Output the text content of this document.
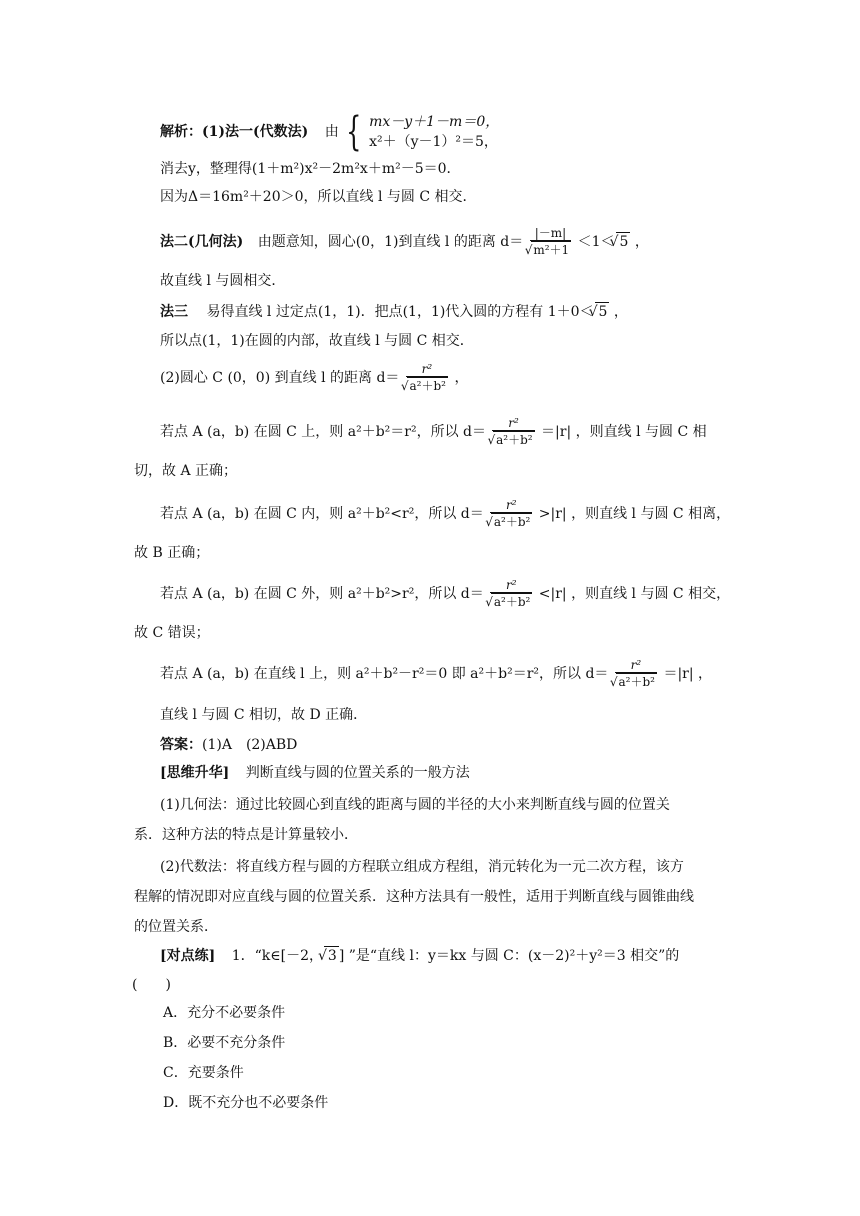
解析：(1)法一(代数法) 由 { mx－y＋1－m＝0，
x²＋（y－1）²＝5，
消去y，整理得(1＋m²)x²－2m²x＋m²－5＝0．
因为Δ＝16m²＋20＞0，所以直线 l 与圆 C 相交．
法二(几何法) 由题意知，圆心(0，1)到直线 l 的距离 d＝ |－m|
√ m²＋1 ＜1＜ √ 5 ，
故直线 l 与圆相交．
法三 易得直线 l 过定点(1，1)．把点(1，1)代入圆的方程有 1＋0＜ √ 5 ，
所以点(1，1)在圆的内部，故直线 l 与圆 C 相交．
(2)圆心 C (0，0) 到直线 l 的距离 d＝ r²
√ a²＋b² ，
若点 A (a，b) 在圆 C 上，则 a²＋b²＝r²，所以 d＝ r²
√ a²＋b² ＝|r| ，则直线 l 与圆 C 相
切，故 A 正确；
若点 A (a，b) 在圆 C 内，则 a²＋b²<r²，所以 d＝ r²
√ a²＋b² >|r| ，则直线 l 与圆 C 相离，
故 B 正确；
若点 A (a，b) 在圆 C 外，则 a²＋b²>r²，所以 d＝ r²
√ a²＋b² <|r| ，则直线 l 与圆 C 相交，
故 C 错误；
若点 A (a，b) 在直线 l 上，则 a²＋b²－r²＝0 即 a²＋b²＝r²，所以 d＝ r²
√ a²＋b² ＝|r| ，
直线 l 与圆 C 相切，故 D 正确．
答案：(1)A　(2)ABD
[思维升华] 判断直线与圆的位置关系的一般方法
(1)几何法：通过比较圆心到直线的距离与圆的半径的大小来判断直线与圆的位置关
系．这种方法的特点是计算量较小．
(2)代数法：将直线方程与圆的方程联立组成方程组，消元转化为一元二次方程，该方
程解的情况即对应直线与圆的位置关系．这种方法具有一般性，适用于判断直线与圆锥曲线
的位置关系．
[对点练] 1．“k∈[－2， √ 3 ] ”是“直线 l：y＝kx 与圆 C：(x－2)²＋y²＝3 相交”的
(　　)
A．充分不必要条件
B．必要不充分条件
C．充要条件
D．既不充分也不必要条件
